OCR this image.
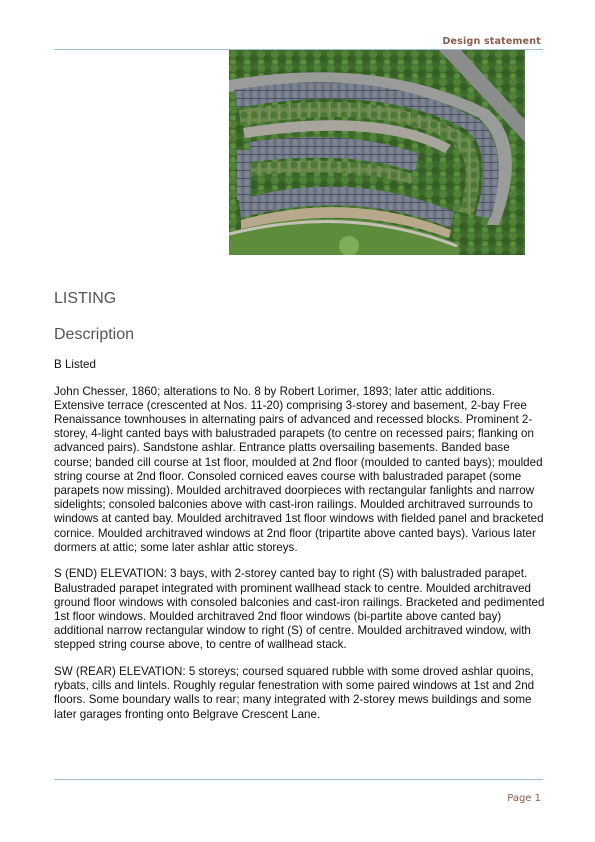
Design statement
LISTING
Description

B Listed

John Chesser, 1860; alterations to No. 8 by Robert Lorimer, 1893; later attic additions. Extensive terrace (crescented at Nos. 11-20) comprising 3-storey and basement, 2-bay Free Renaissance townhouses in alternating pairs of advanced and recessed blocks. Prominent 2-storey, 4-light canted bays with balustraded parapets (to centre on recessed pairs; flanking on advanced pairs). Sandstone ashlar. Entrance platts oversailing basements. Banded base course; banded cill course at 1st floor, moulded at 2nd floor (moulded to canted bays); moulded string course at 2nd floor. Consoled corniced eaves course with balustraded parapet (some parapets now missing). Moulded architraved doorpieces with rectangular fanlights and narrow sidelights; consoled balconies above with cast-iron railings. Moulded architraved surrounds to windows at canted bay. Moulded architraved 1st floor windows with fielded panel and bracketed cornice. Moulded architraved windows at 2nd floor (tripartite above canted bays). Various later dormers at attic; some later ashlar attic storeys.

S (END) ELEVATION: 3 bays, with 2-storey canted bay to right (S) with balustraded parapet. Balustraded parapet integrated with prominent wallhead stack to centre. Moulded architraved ground floor windows with consoled balconies and cast-iron railings. Bracketed and pedimented 1st floor windows. Moulded architraved 2nd floor windows (bi-partite above canted bay) additional narrow rectangular window to right (S) of centre. Moulded architraved window, with stepped string course above, to centre of wallhead stack.

SW (REAR) ELEVATION: 5 storeys; coursed squared rubble with some droved ashlar quoins, rybats, cills and lintels. Roughly regular fenestration with some paired windows at 1st and 2nd floors. Some boundary walls to rear; many integrated with 2-storey mews buildings and some later garages fronting onto Belgrave Crescent Lane.

Page 1
